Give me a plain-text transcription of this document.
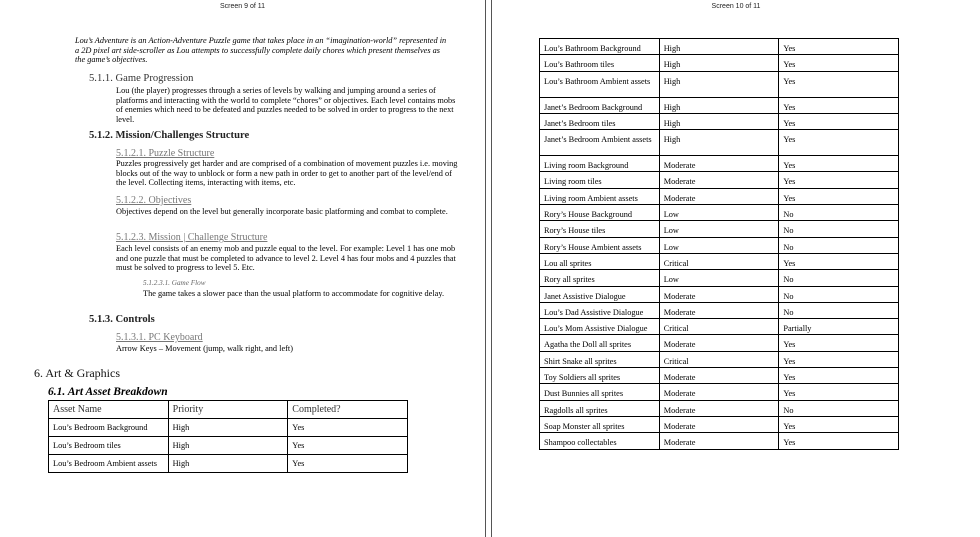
Screen 9 of 11
Lou’s Adventure is an Action-Adventure Puzzle game that takes place in an “imagination-world” represented in a 2D pixel art side-scroller as Lou attempts to successfully complete daily chores which present themselves as the game’s objectives.
5.1.1. Game Progression
Lou (the player) progresses through a series of levels by walking and jumping around a series of platforms and interacting with the world to complete “chores” or objectives. Each level contains mobs of enemies which need to be defeated and puzzles needed to be solved in order to progress to the next level.
5.1.2. Mission/Challenges Structure
5.1.2.1. Puzzle Structure
Puzzles progressively get harder and are comprised of a combination of movement puzzles i.e. moving blocks out of the way to unblock or form a new path in order to get to another part of the level/end of the level. Collecting items, interacting with items, etc.
5.1.2.2. Objectives
Objectives depend on the level but generally incorporate basic platforming and combat to complete.
5.1.2.3. Mission | Challenge Structure
Each level consists of an enemy mob and puzzle equal to the level. For example: Level 1 has one mob and one puzzle that must be completed to advance to level 2. Level 4 has four mobs and 4 puzzles that must be solved to progress to level 5. Etc.
5.1.2.3.1. Game Flow
The game takes a slower pace than the usual platform to accommodate for cognitive delay.
5.1.3. Controls
5.1.3.1. PC Keyboard
Arrow Keys – Movement (jump, walk right, and left)
6. Art & Graphics
6.1. Art Asset Breakdown
Asset Name	Priority	Completed?
Lou’s Bedroom Background	High	Yes
Lou’s Bedroom tiles	High	Yes
Lou’s Bedroom Ambient assets	High	Yes
Screen 10 of 11
Lou’s Bathroom Background	High	Yes
Lou’s Bathroom tiles	High	Yes
Lou’s Bathroom Ambient assets	High	Yes
Janet’s Bedroom Background	High	Yes
Janet’s Bedroom tiles	High	Yes
Janet’s Bedroom Ambient assets	High	Yes
Living room Background	Moderate	Yes
Living room tiles	Moderate	Yes
Living room Ambient assets	Moderate	Yes
Rory’s House Background	Low	No
Rory’s House tiles	Low	No
Rory’s House Ambient assets	Low	No
Lou all sprites	Critical	Yes
Rory all sprites	Low	No
Janet Assistive Dialogue	Moderate	No
Lou’s Dad Assistive Dialogue	Moderate	No
Lou’s Mom Assistive Dialogue	Critical	Partially
Agatha the Doll all sprites	Moderate	Yes
Shirt Snake all sprites	Critical	Yes
Toy Soldiers all sprites	Moderate	Yes
Dust Bunnies all sprites	Moderate	Yes
Ragdolls all sprites	Moderate	No
Soap Monster all sprites	Moderate	Yes
Shampoo collectables	Moderate	Yes
